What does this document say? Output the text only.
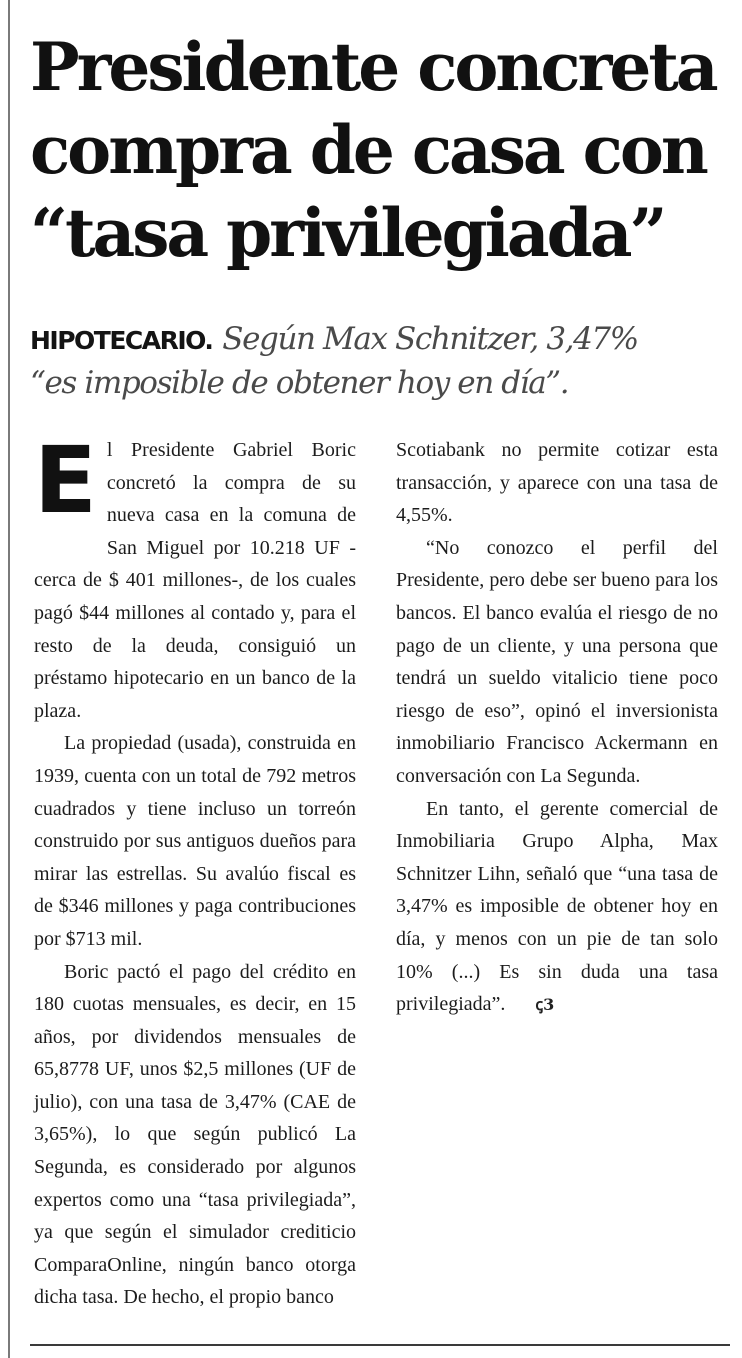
Presidente concreta
compra de casa con
“tasa privilegiada”
HIPOTECARIO. Según Max Schnitzer, 3,47%
“es imposible de obtener hoy en día”.

El Presidente Gabriel Boric concretó la compra de su nueva casa en la comuna de San Miguel por 10.218 UF -cerca de $ 401 millones-, de los cuales pagó $44 millones al contado y, para el resto de la deuda, consiguió un préstamo hipotecario en un banco de la plaza.

La propiedad (usada), construida en 1939, cuenta con un total de 792 metros cuadrados y tiene incluso un torreón construido por sus antiguos dueños para mirar las estrellas. Su avalúo fiscal es de $346 millones y paga contribuciones por $713 mil.

Boric pactó el pago del crédito en 180 cuotas mensuales, es decir, en 15 años, por dividendos mensuales de 65,8778 UF, unos $2,5 millones (UF de julio), con una tasa de 3,47% (CAE de 3,65%), lo que según publicó La Segunda, es considerado por algunos expertos como una “tasa privilegiada”, ya que según el simulador crediticio ComparaOnline, ningún banco otorga dicha tasa. De hecho, el propio banco

Scotiabank no permite cotizar esta transacción, y aparece con una tasa de 4,55%.

“No conozco el perfil del Presidente, pero debe ser bueno para los bancos. El banco evalúa el riesgo de no pago de un cliente, y una persona que tendrá un sueldo vitalicio tiene poco riesgo de eso”, opinó el inversionista inmobiliario Francisco Ackermann en conversación con La Segunda.

En tanto, el gerente comercial de Inmobiliaria Grupo Alpha, Max Schnitzer Lihn, señaló que “una tasa de 3,47% es imposible de obtener hoy en día, y menos con un pie de tan solo 10% (...) Es sin duda una tasa privilegiada”. ꞔ3
